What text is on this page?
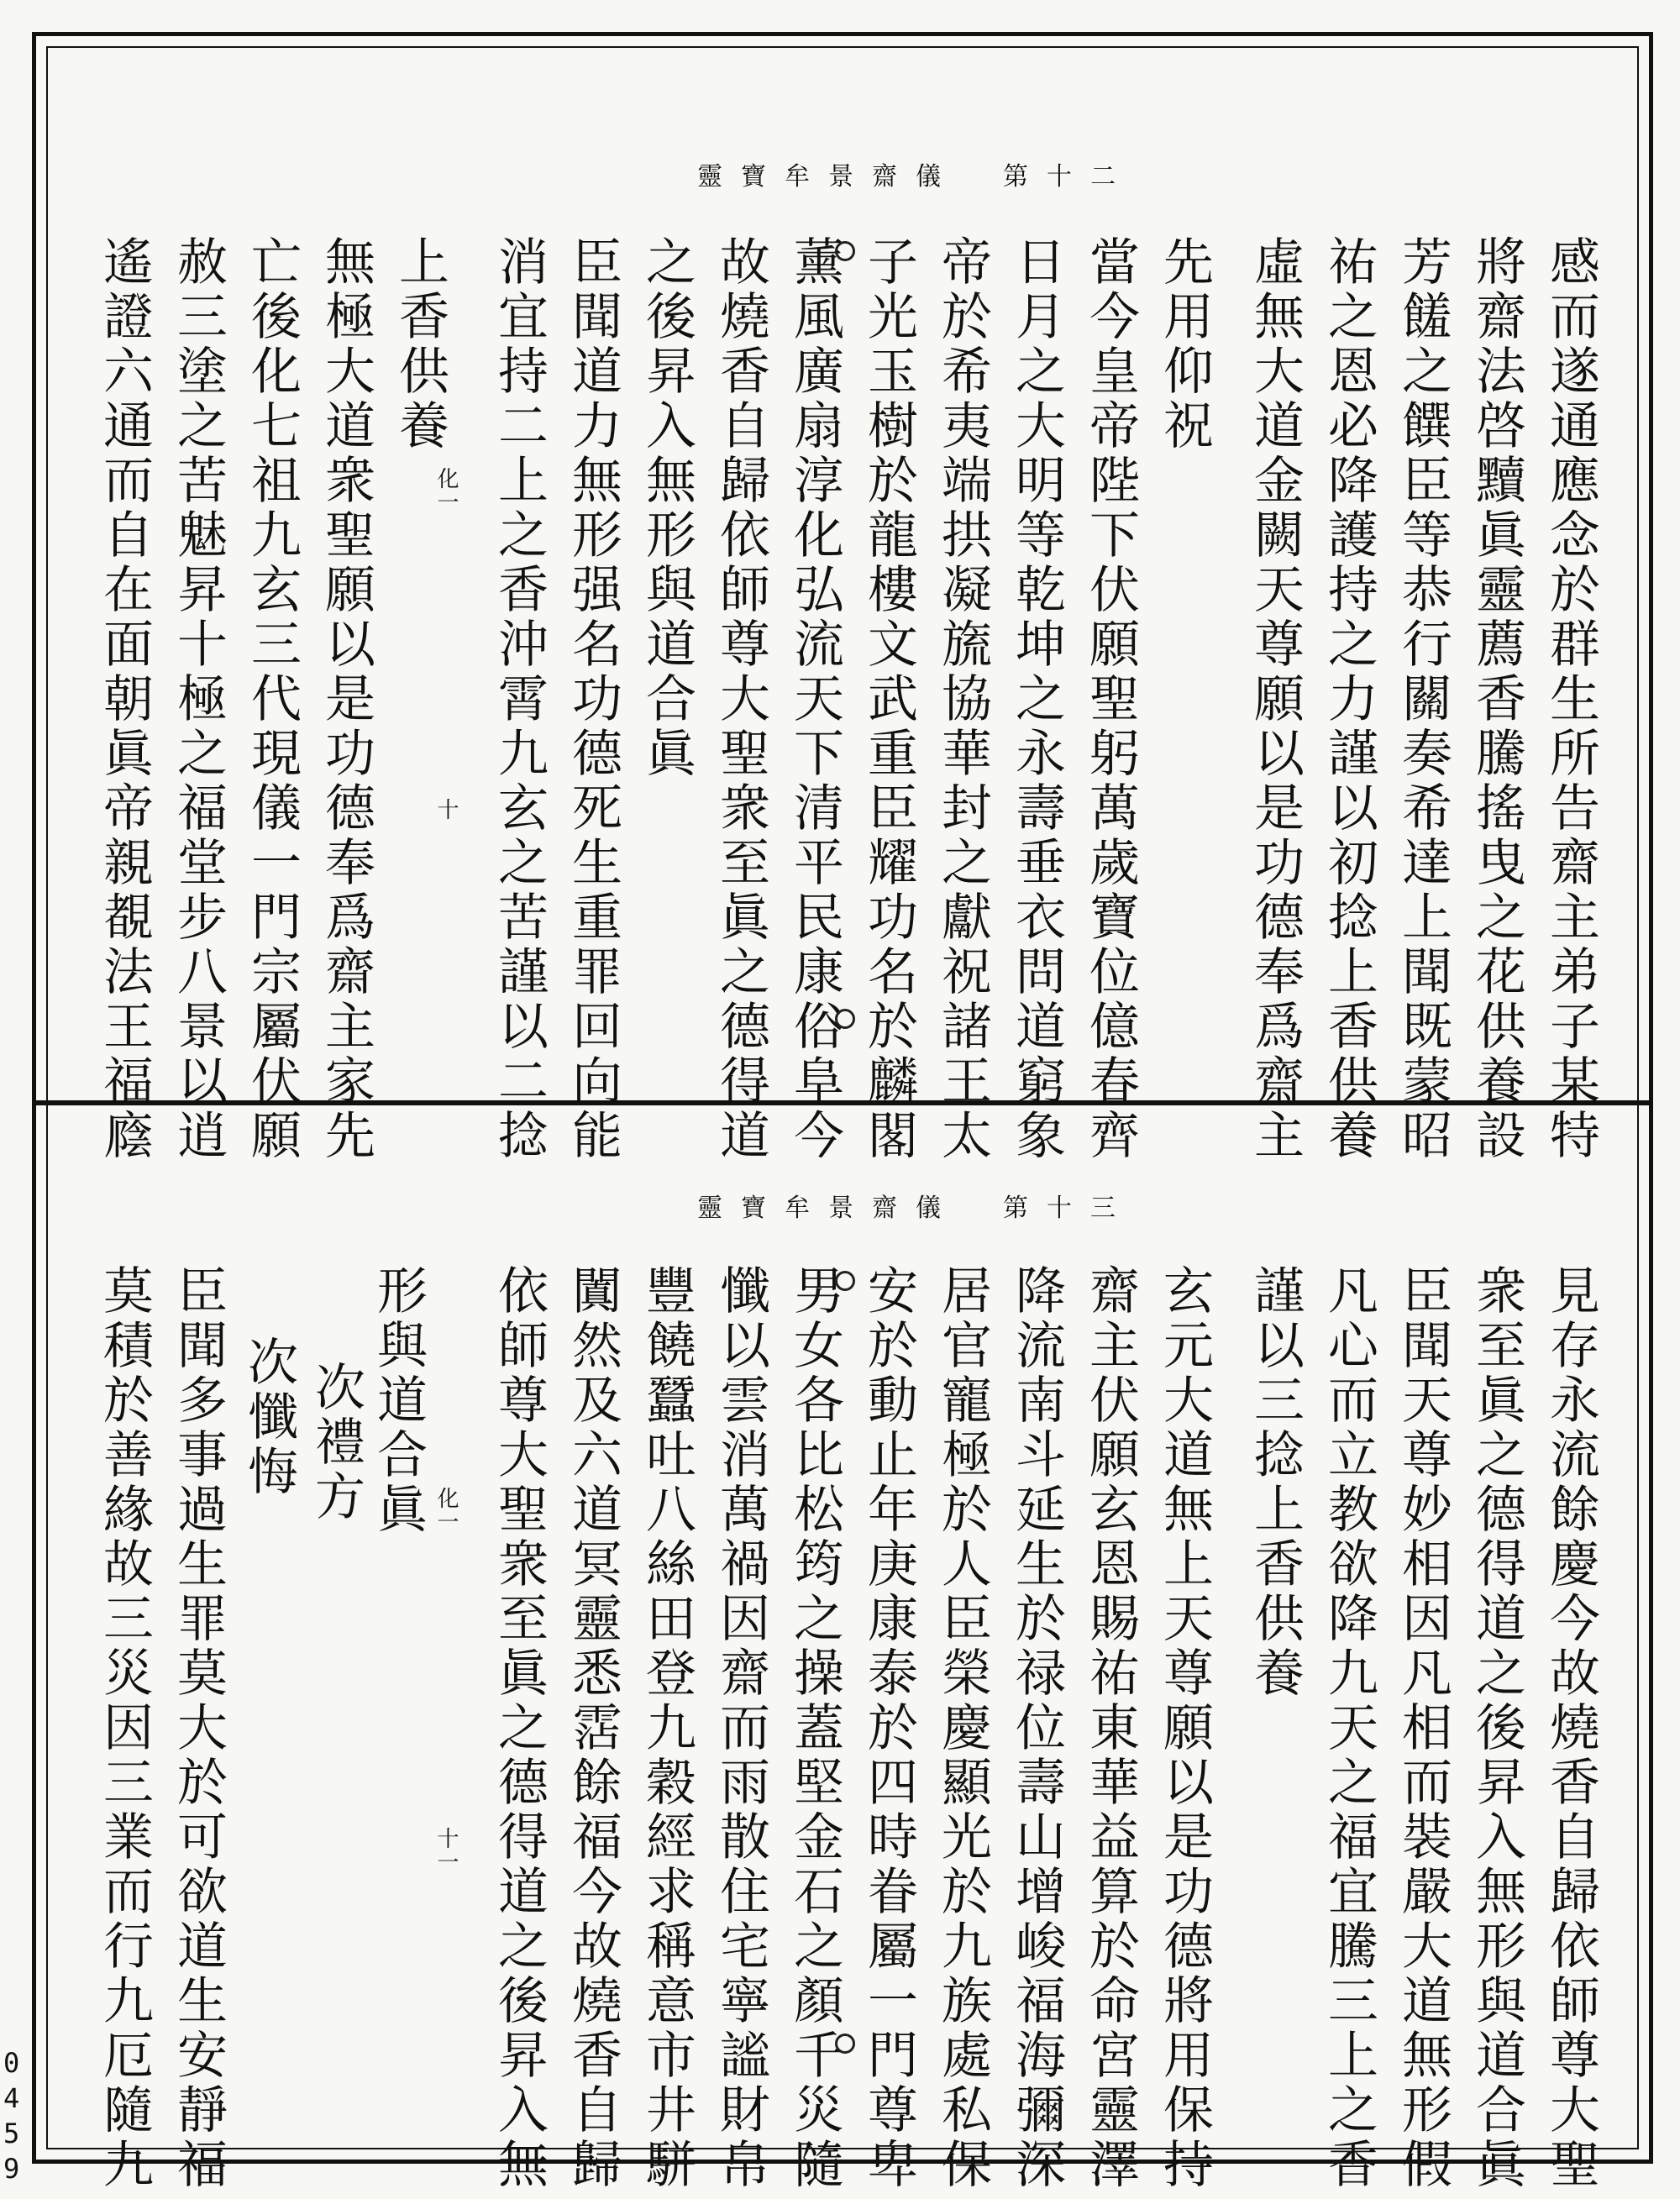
靈寶牟景齋儀　第十二
感而遂通應念於群生所告齋主弟子某特
將齋法啓黷眞靈薦香騰搖曳之花供養設
芳饈之饌臣等恭行關奏希達上聞既蒙昭
祐之恩必降護持之力謹以初捻上香供養
虛無大道金闕天尊願以是功德奉爲齋主
先用仰祝
當今皇帝陛下伏願聖躬萬歲寶位億春齊
日月之大明等乾坤之永壽垂衣問道窮象
帝於希夷端拱凝旒協華封之獻祝諸王太
子光玉樹於龍樓文武重臣耀功名於麟閣
薰風廣扇淳化弘流天下清平民康俗阜今
故燒香自歸依師尊大聖衆至眞之德得道
之後昇入無形與道合眞
臣聞道力無形强名功德死生重罪回向能
消宜持二上之香沖霄九玄之苦謹以二捻
上香供養
無極大道衆聖願以是功德奉爲齋主家先
亡後化七祖九玄三代現儀一門宗屬伏願
赦三塗之苦魅昇十極之福堂步八景以逍
遙證六通而自在面朝眞帝親覩法王福廕	化一
十
靈寶牟景齋儀　第十三
見存永流餘慶今故燒香自歸依師尊大聖
衆至眞之德得道之後昇入無形與道合眞
臣聞天尊妙相因凡相而裝嚴大道無形假
凡心而立教欲降九天之福宜騰三上之香
謹以三捻上香供養
玄元大道無上天尊願以是功德將用保持
齋主伏願玄恩賜祐東華益算於命宮靈澤
降流南斗延生於禄位壽山增峻福海彌深
居官寵極於人臣榮慶顯光於九族處私保
安於動止年庚康泰於四時眷屬一門尊卑
男女各比松筠之操蓋堅金石之顏千災隨
懺以雲消萬禍因齋而雨散住宅寧謐財帛
豐饒蠶吐八絲田登九穀經求稱意市井駢
闐然及六道冥靈悉霑餘福今故燒香自歸
依師尊大聖衆至眞之德得道之後昇入無
形與道合眞
次禮方
次懺悔
臣聞多事過生罪莫大於可欲道生安靜福
莫積於善緣故三災因三業而行九厄隨九	化一
十一
0459
